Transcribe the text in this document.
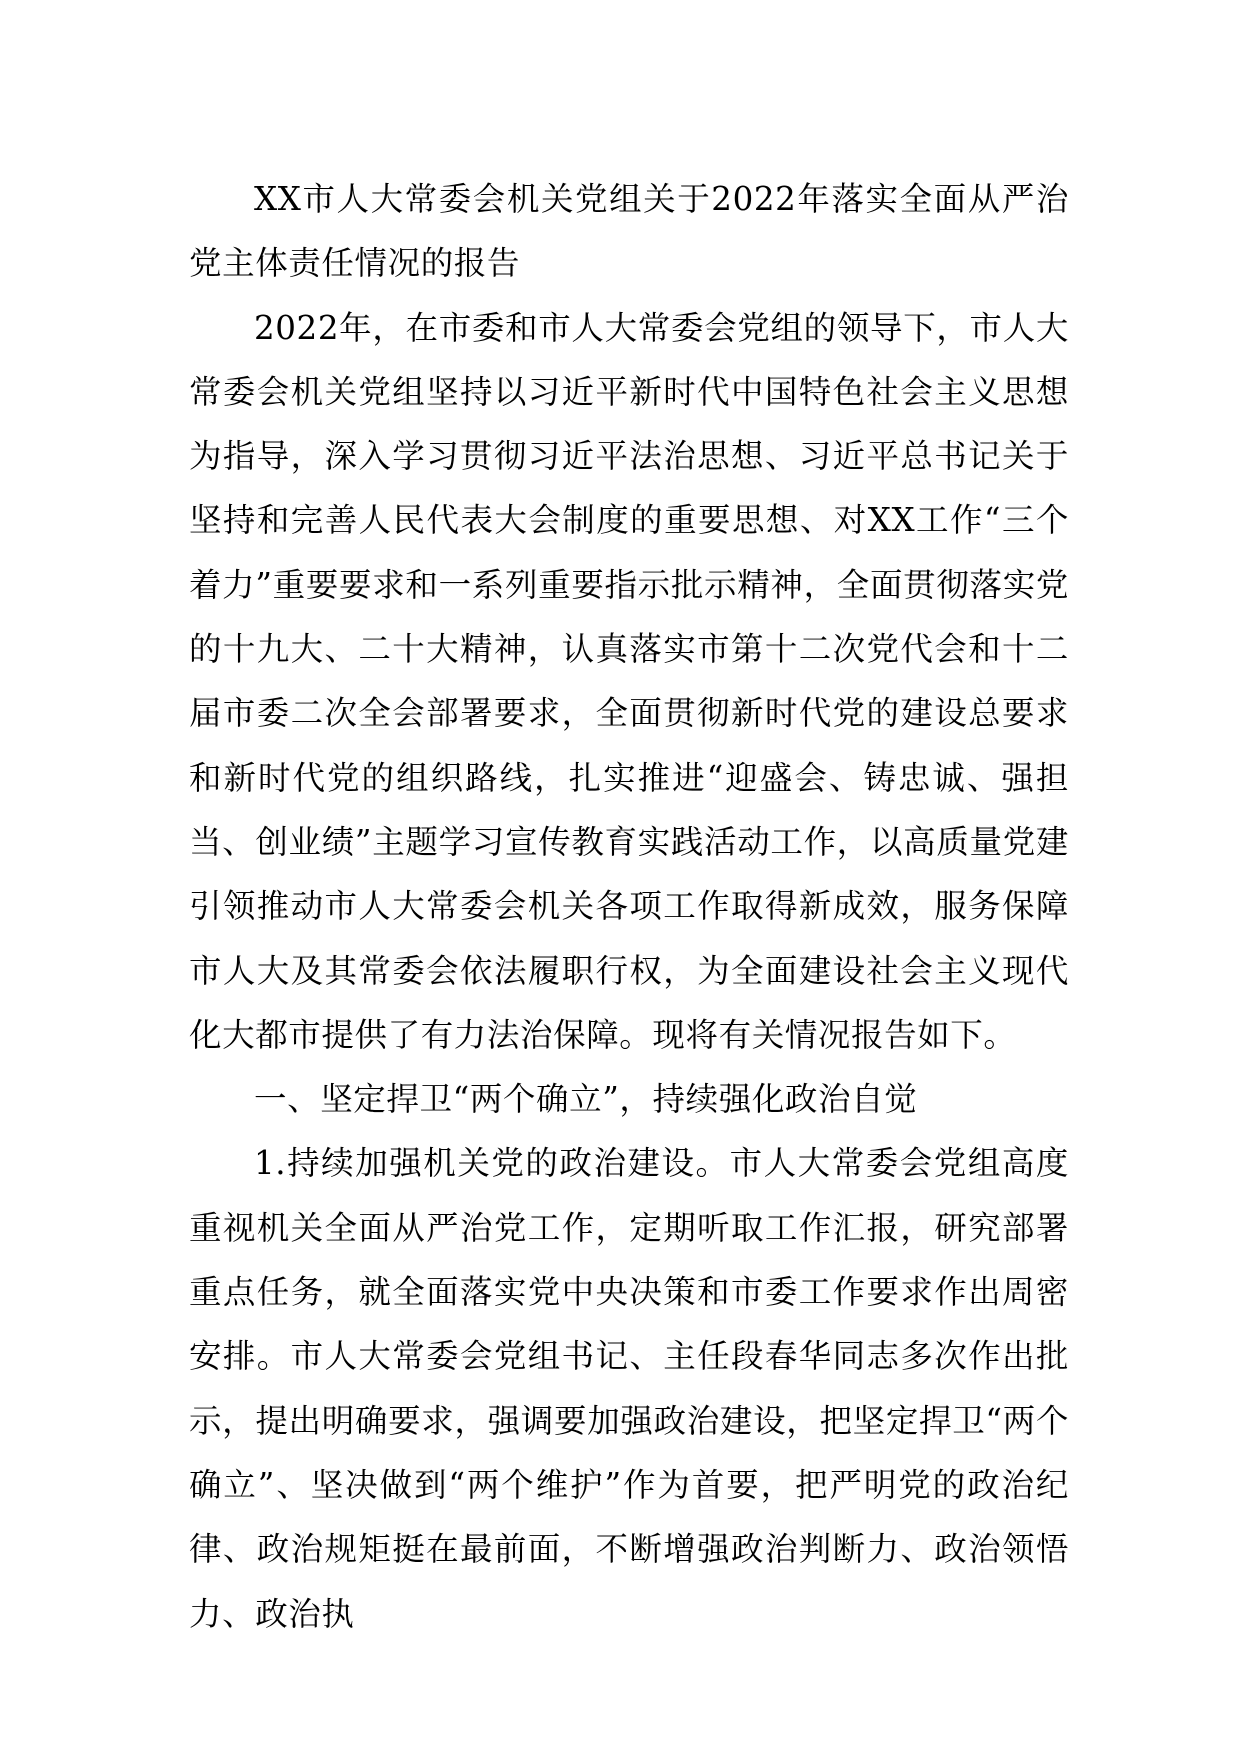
XX市人大常委会机关党组关于2022年落实全面从严治党主体责任情况的报告

2022年，在市委和市人大常委会党组的领导下，市人大常委会机关党组坚持以习近平新时代中国特色社会主义思想为指导，深入学习贯彻习近平法治思想、习近平总书记关于坚持和完善人民代表大会制度的重要思想、对XX工作“三个着力”重要要求和一系列重要指示批示精神，全面贯彻落实党的十九大、二十大精神，认真落实市第十二次党代会和十二届市委二次全会部署要求，全面贯彻新时代党的建设总要求和新时代党的组织路线，扎实推进“迎盛会、铸忠诚、强担当、创业绩”主题学习宣传教育实践活动工作，以高质量党建引领推动市人大常委会机关各项工作取得新成效，服务保障市人大及其常委会依法履职行权，为全面建设社会主义现代化大都市提供了有力法治保障。现将有关情况报告如下。

一、坚定捍卫“两个确立”，持续强化政治自觉

1.持续加强机关党的政治建设。市人大常委会党组高度重视机关全面从严治党工作，定期听取工作汇报，研究部署重点任务，就全面落实党中央决策和市委工作要求作出周密安排。市人大常委会党组书记、主任段春华同志多次作出批示，提出明确要求，强调要加强政治建设，把坚定捍卫“两个确立”、坚决做到“两个维护”作为首要，把严明党的政治纪律、政治规矩挺在最前面，不断增强政治判断力、政治领悟力、政治执
